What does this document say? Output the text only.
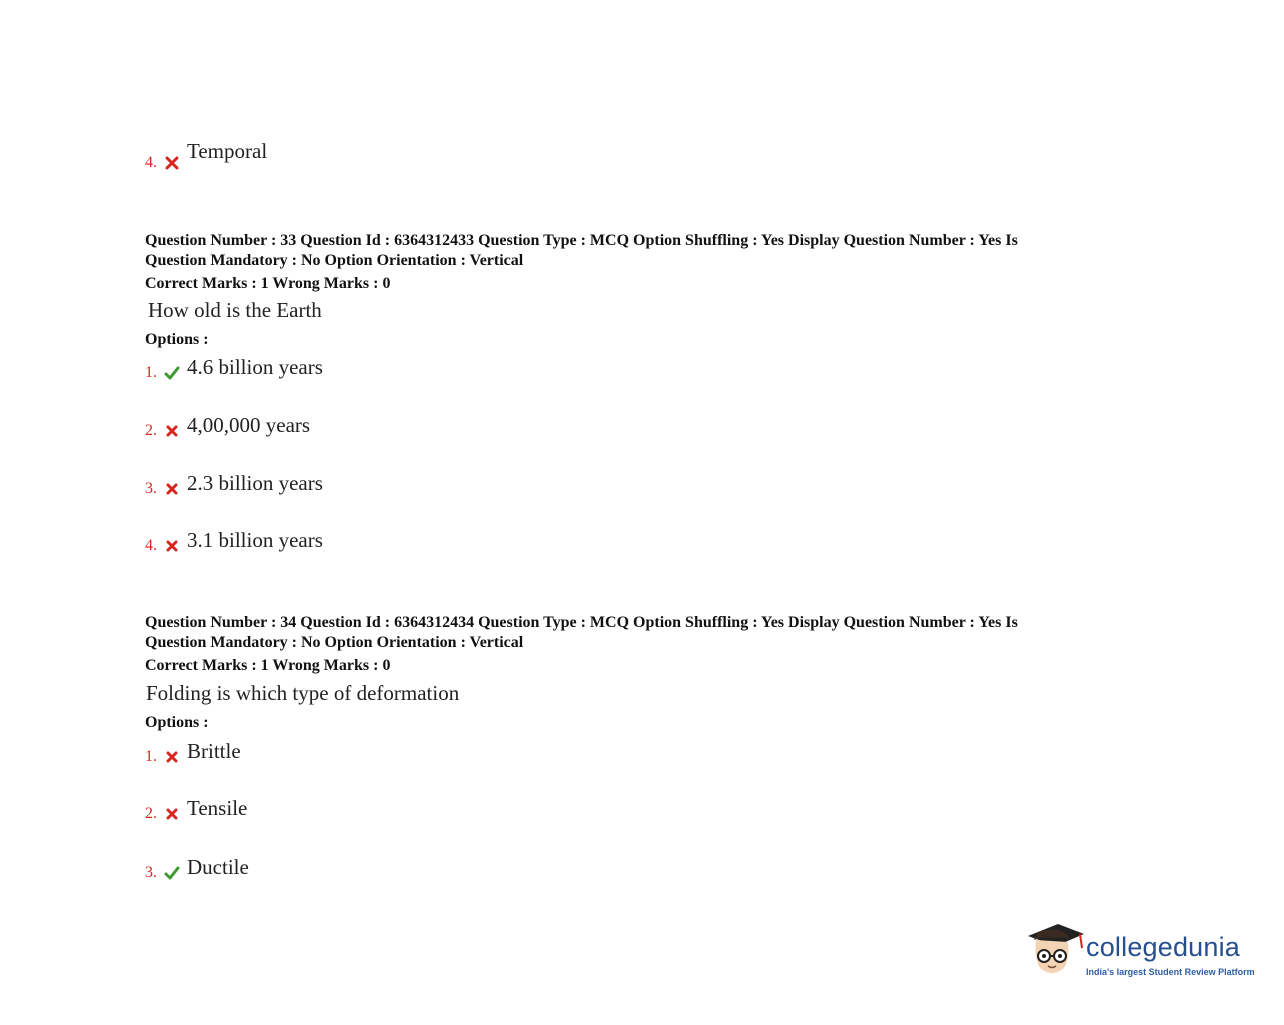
4. Temporal
Question Number : 33 Question Id : 6364312433 Question Type : MCQ Option Shuffling : Yes Display Question Number : Yes Is
Question Mandatory : No Option Orientation : Vertical
Correct Marks : 1 Wrong Marks : 0
How old is the Earth
Options :
1. 4.6 billion years
2. 4,00,000 years
3. 2.3 billion years
4. 3.1 billion years
Question Number : 34 Question Id : 6364312434 Question Type : MCQ Option Shuffling : Yes Display Question Number : Yes Is
Question Mandatory : No Option Orientation : Vertical
Correct Marks : 1 Wrong Marks : 0
Folding is which type of deformation
Options :
1. Brittle
2. Tensile
3. Ductile
collegedunia
India's largest Student Review Platform
